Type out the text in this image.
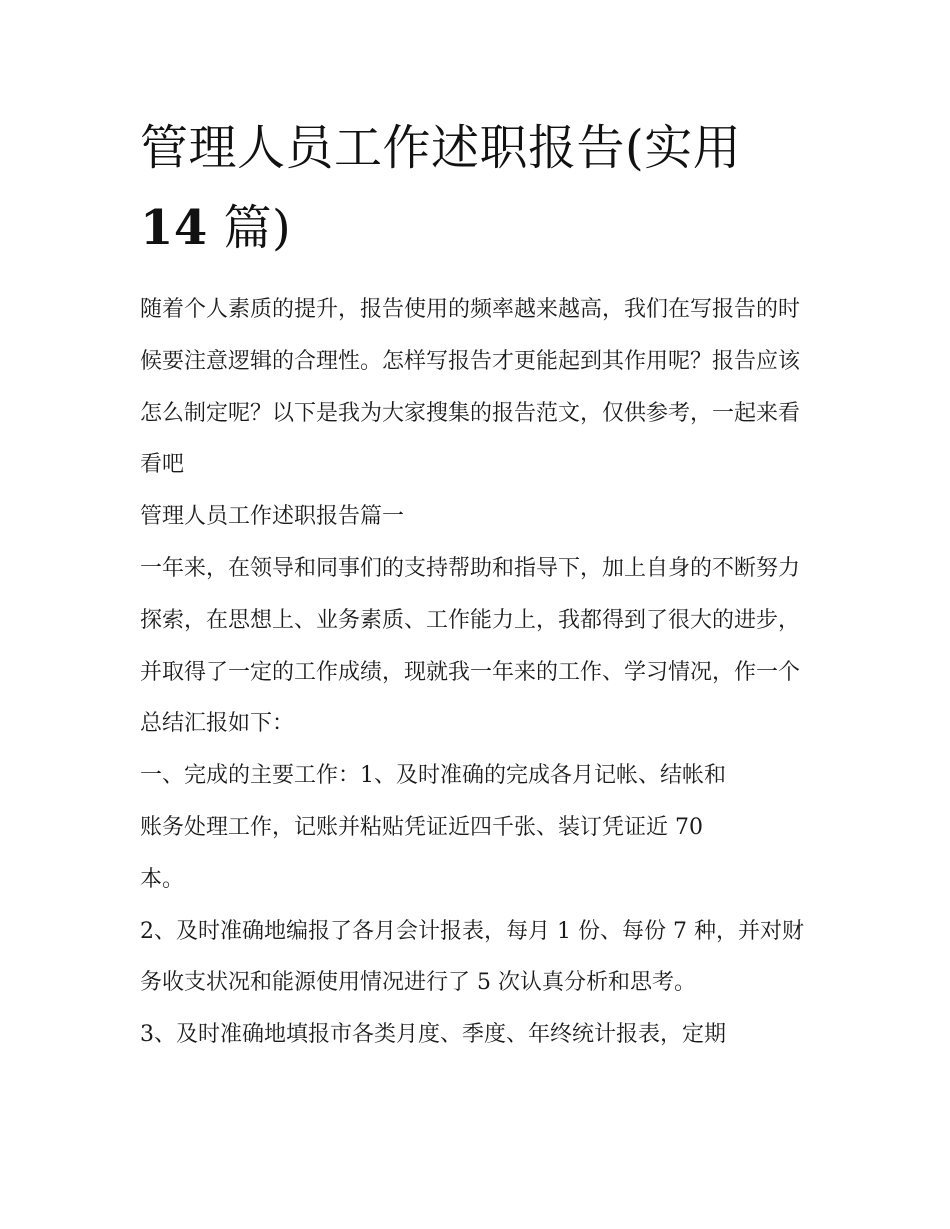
管理人员工作述职报告(实用
14 篇)

随着个人素质的提升，报告使用的频率越来越高，我们在写报告的时候要注意逻辑的合理性。怎样写报告才更能起到其作用呢？报告应该怎么制定呢？以下是我为大家搜集的报告范文，仅供参考，一起来看看吧

管理人员工作述职报告篇一

一年来，在领导和同事们的支持帮助和指导下，加上自身的不断努力探索，在思想上、业务素质、工作能力上，我都得到了很大的进步，并取得了一定的工作成绩，现就我一年来的工作、学习情况，作一个总结汇报如下：

一、完成的主要工作：1、及时准确的完成各月记帐、结帐和

账务处理工作，记账并粘贴凭证近四千张、装订凭证近 70

本。

2、及时准确地编报了各月会计报表，每月 1 份、每份 7 种，并对财务收支状况和能源使用情况进行了 5 次认真分析和思考。

3、及时准确地填报市各类月度、季度、年终统计报表，定期
